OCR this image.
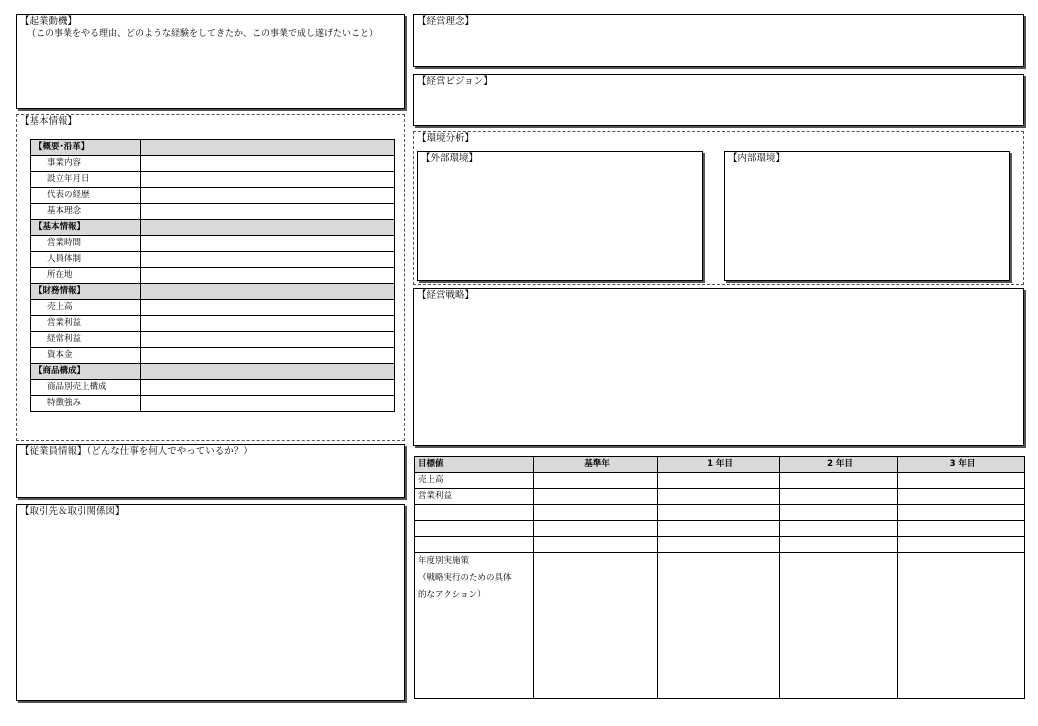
【起業動機】
（この事業をやる理由、どのような経験をしてきたか、この事業で成し遂げたいこと）
【基本情報】
【概要･沿革】	
事業内容	
設立年月日	
代表の経歴	
基本理念	
【基本情報】	
営業時間	
人員体制	
所在地	
【財務情報】	
売上高	
営業利益	
経常利益	
資本金	
【商品構成】	
商品別売上構成	
特徴強み	
【従業員情報】（どんな仕事を何人でやっているか？）
【取引先＆取引関係図】
【経営理念】
【経営ビジョン】
【環境分析】
【外部環境】	【内部環境】
【経営戦略】
目標値	基準年	1 年目	2 年目	3 年目
売上高				
営業利益				

年度別実施策
（戦略実行のための具体
的なアクション）				
